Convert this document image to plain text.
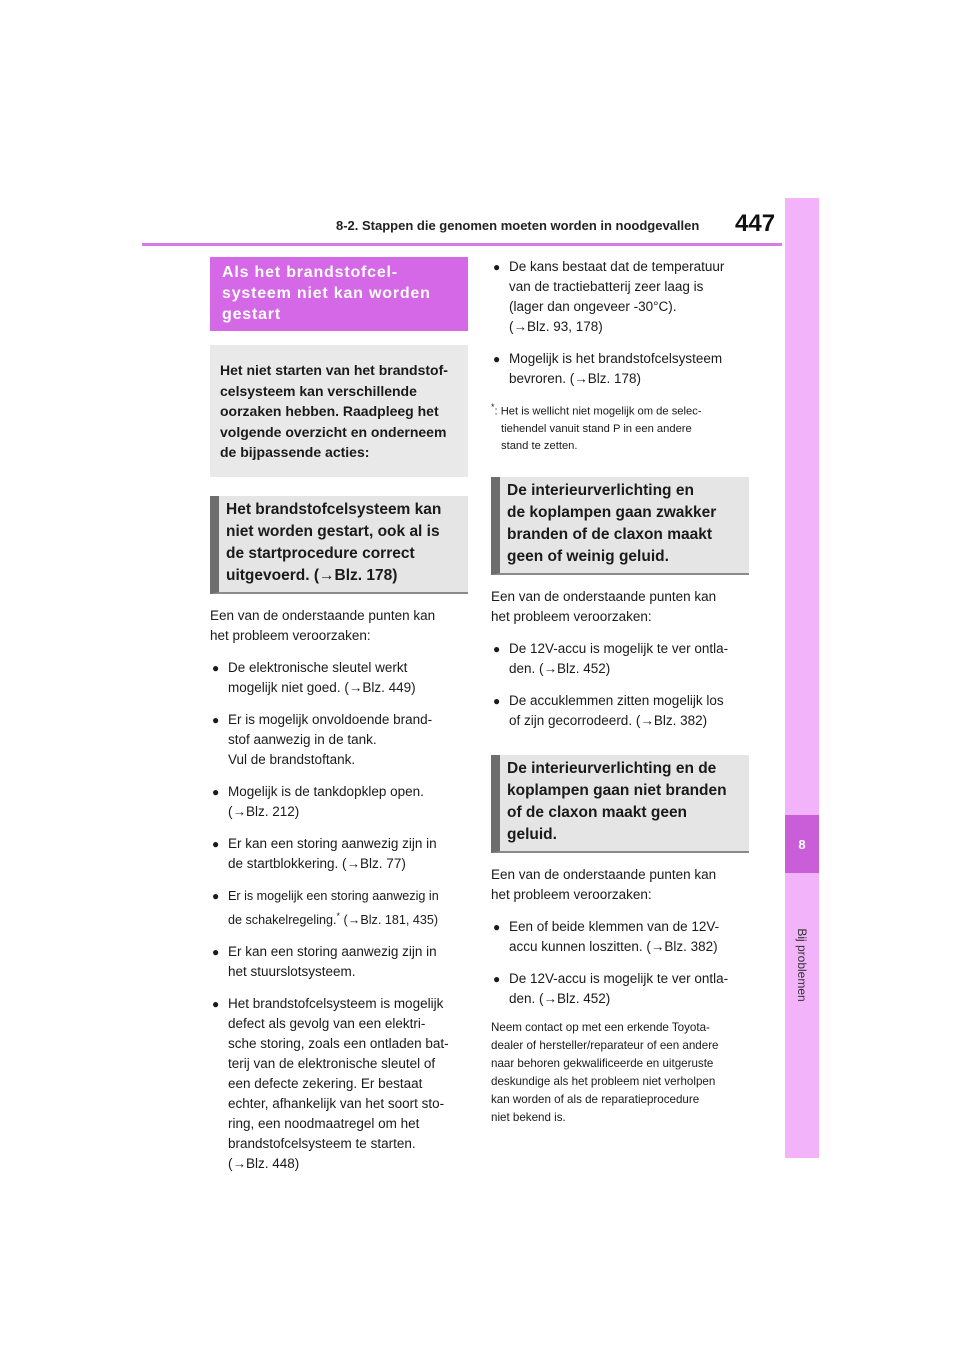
8-2. Stappen die genomen moeten worden in noodgevallen 447
8
Bij problemen
Als het brandstofcel-
systeem niet kan worden
gestart
Het niet starten van het brandstof-
celsysteem kan verschillende
oorzaken hebben. Raadpleeg het
volgende overzicht en onderneem
de bijpassende acties:
Het brandstofcelsysteem kan
niet worden gestart, ook al is
de startprocedure correct
uitgevoerd. (→Blz. 178)
Een van de onderstaande punten kan
het probleem veroorzaken:
● De elektronische sleutel werkt
mogelijk niet goed. (→Blz. 449)
● Er is mogelijk onvoldoende brand-
stof aanwezig in de tank.
Vul de brandstoftank.
● Mogelijk is de tankdopklep open.
(→Blz. 212)
● Er kan een storing aanwezig zijn in
de startblokkering. (→Blz. 77)
● Er is mogelijk een storing aanwezig in
de schakelregeling.* (→Blz. 181, 435)
● Er kan een storing aanwezig zijn in
het stuurslotsysteem.
● Het brandstofcelsysteem is mogelijk
defect als gevolg van een elektri-
sche storing, zoals een ontladen bat-
terij van de elektronische sleutel of
een defecte zekering. Er bestaat
echter, afhankelijk van het soort sto-
ring, een noodmaatregel om het
brandstofcelsysteem te starten.
(→Blz. 448)
● De kans bestaat dat de temperatuur
van de tractiebatterij zeer laag is
(lager dan ongeveer -30°C).
(→Blz. 93, 178)
● Mogelijk is het brandstofcelsysteem
bevroren. (→Blz. 178)
*: Het is wellicht niet mogelijk om de selec-
tiehendel vanuit stand P in een andere
stand te zetten.
De interieurverlichting en
de koplampen gaan zwakker
branden of de claxon maakt
geen of weinig geluid.
Een van de onderstaande punten kan
het probleem veroorzaken:
● De 12V-accu is mogelijk te ver ontla-
den. (→Blz. 452)
● De accuklemmen zitten mogelijk los
of zijn gecorrodeerd. (→Blz. 382)
De interieurverlichting en de
koplampen gaan niet branden
of de claxon maakt geen
geluid.
Een van de onderstaande punten kan
het probleem veroorzaken:
● Een of beide klemmen van de 12V-
accu kunnen loszitten. (→Blz. 382)
● De 12V-accu is mogelijk te ver ontla-
den. (→Blz. 452)
Neem contact op met een erkende Toyota-
dealer of hersteller/reparateur of een andere
naar behoren gekwalificeerde en uitgeruste
deskundige als het probleem niet verholpen
kan worden of als de reparatieprocedure
niet bekend is.
